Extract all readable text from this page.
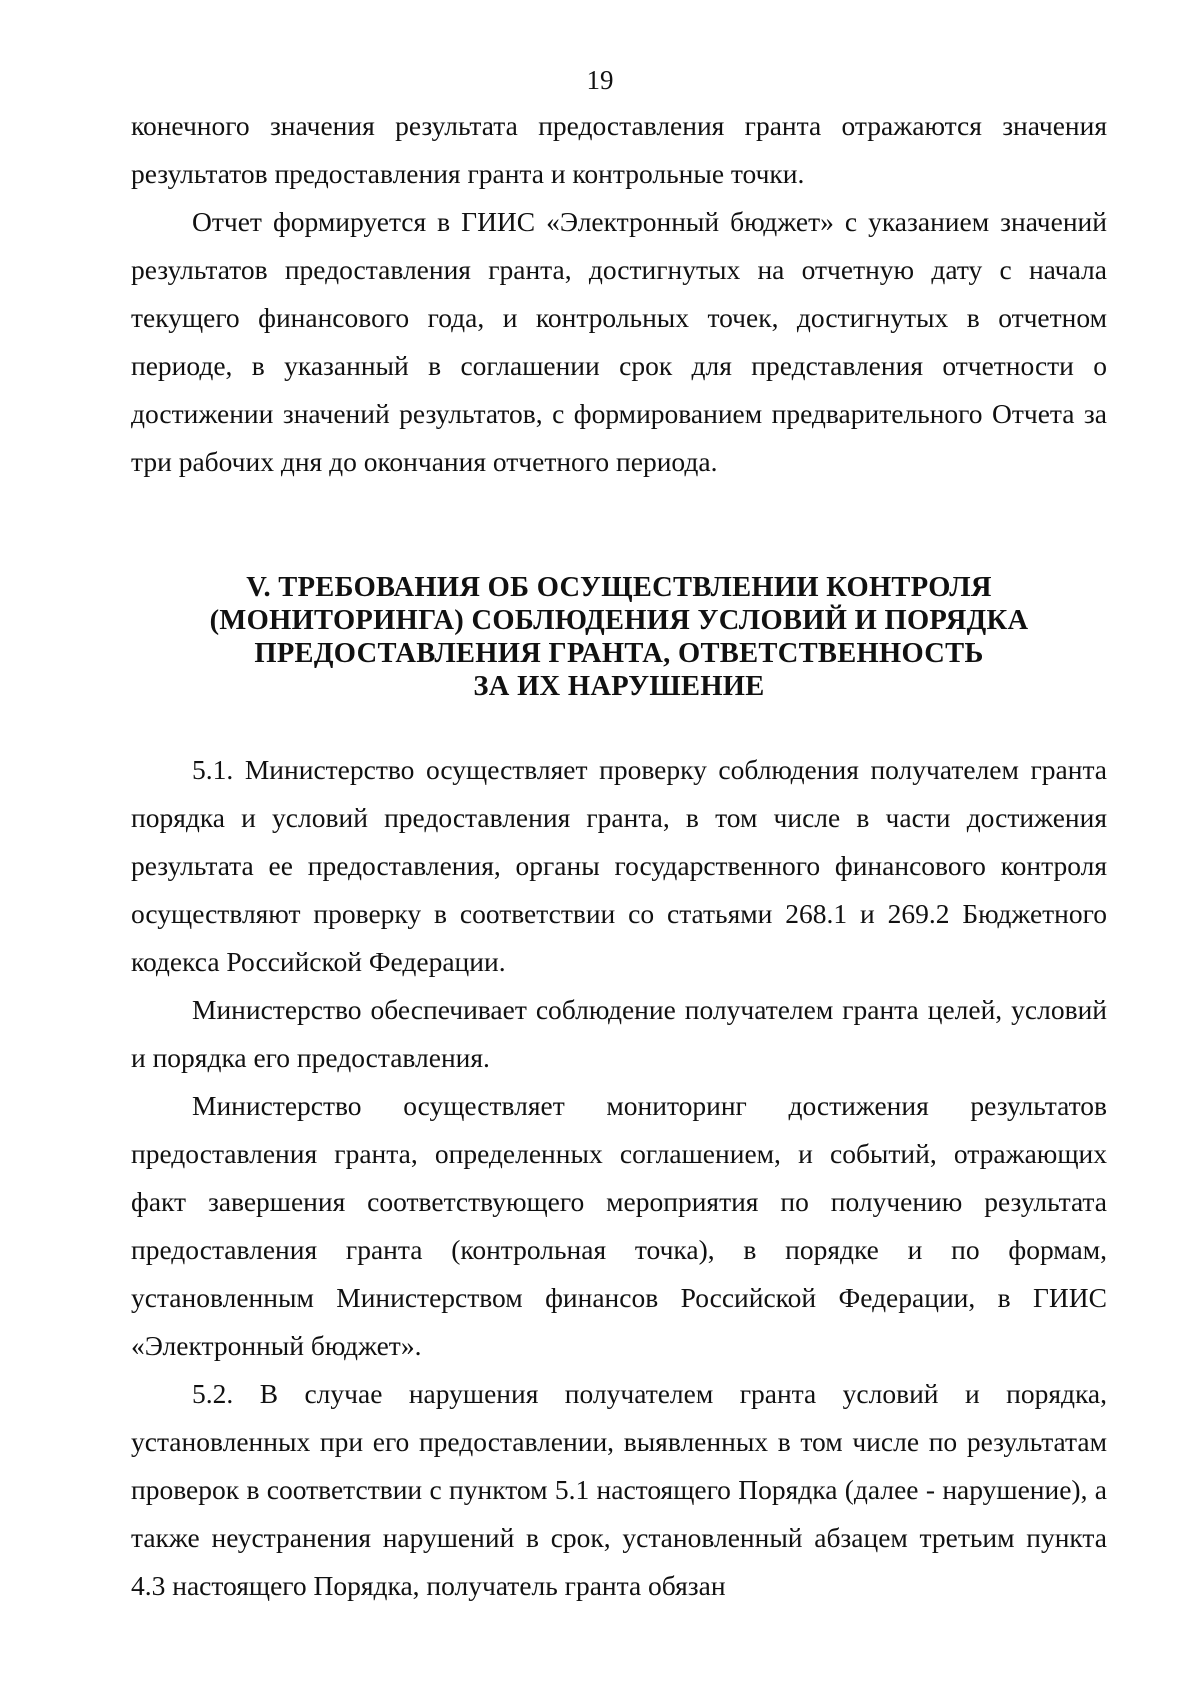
19

конечного значения результата предоставления гранта отражаются значения результатов предоставления гранта и контрольные точки.

Отчет формируется в ГИИС «Электронный бюджет» с указанием значений результатов предоставления гранта, достигнутых на отчетную дату с начала текущего финансового года, и контрольных точек, достигнутых в отчетном периоде, в указанный в соглашении срок для представления отчетности о достижении значений результатов, с формированием предварительного Отчета за три рабочих дня до окончания отчетного периода.

V. ТРЕБОВАНИЯ ОБ ОСУЩЕСТВЛЕНИИ КОНТРОЛЯ
(МОНИТОРИНГА) СОБЛЮДЕНИЯ УСЛОВИЙ И ПОРЯДКА
ПРЕДОСТАВЛЕНИЯ ГРАНТА, ОТВЕТСТВЕННОСТЬ
ЗА ИХ НАРУШЕНИЕ

5.1. Министерство осуществляет проверку соблюдения получателем гранта порядка и условий предоставления гранта, в том числе в части достижения результата ее предоставления, органы государственного финансового контроля осуществляют проверку в соответствии со статьями 268.1 и 269.2 Бюджетного кодекса Российской Федерации.

Министерство обеспечивает соблюдение получателем гранта целей, условий и порядка его предоставления.

Министерство осуществляет мониторинг достижения результатов предоставления гранта, определенных соглашением, и событий, отражающих факт завершения соответствующего мероприятия по получению результата предоставления гранта (контрольная точка), в порядке и по формам, установленным Министерством финансов Российской Федерации, в ГИИС «Электронный бюджет».

5.2. В случае нарушения получателем гранта условий и порядка, установленных при его предоставлении, выявленных в том числе по результатам проверок в соответствии с пунктом 5.1 настоящего Порядка (далее - нарушение), а также неустранения нарушений в срок, установленный абзацем третьим пункта 4.3 настоящего Порядка, получатель гранта обязан
